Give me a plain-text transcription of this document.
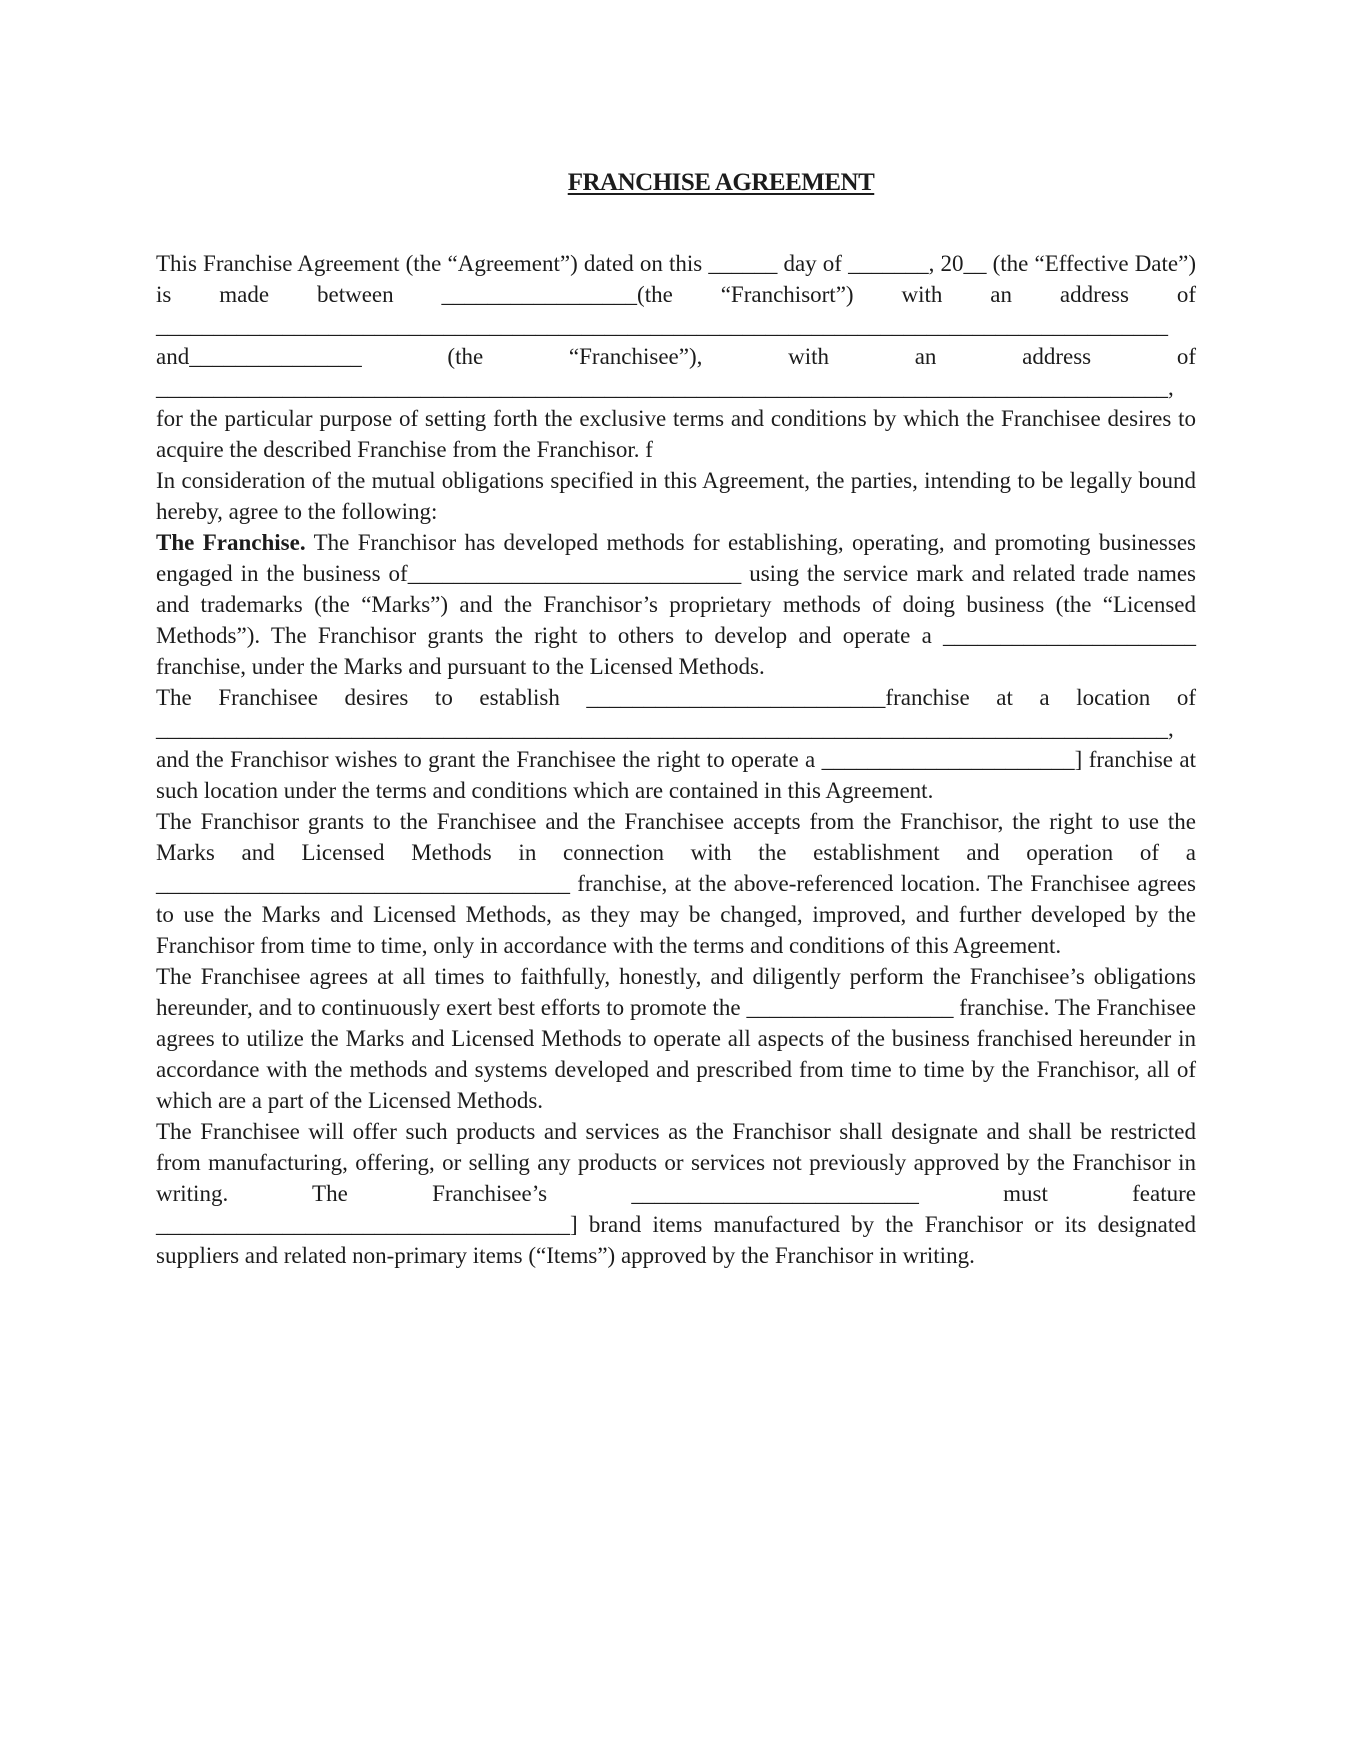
FRANCHISE AGREEMENT

This Franchise Agreement (the “Agreement”) dated on this ______ day of _______, 20__ (the “Effective Date”) is made between _________________(the “Franchisort”) with an address of ________________________________________________________________________________________ and_______________ (the “Franchisee”), with an address of ________________________________________________________________________________________, for the particular purpose of setting forth the exclusive terms and conditions by which the Franchisee desires to acquire the described Franchise from the Franchisor. f

In consideration of the mutual obligations specified in this Agreement, the parties, intending to be legally bound hereby, agree to the following:

The Franchise. The Franchisor has developed methods for establishing, operating, and promoting businesses engaged in the business of_____________________________ using the service mark and related trade names and trademarks (the “Marks”) and the Franchisor’s proprietary methods of doing business (the “Licensed Methods”). The Franchisor grants the right to others to develop and operate a ______________________ franchise, under the Marks and pursuant to the Licensed Methods.

The Franchisee desires to establish __________________________franchise at a location of ________________________________________________________________________________________, and the Franchisor wishes to grant the Franchisee the right to operate a ______________________] franchise at such location under the terms and conditions which are contained in this Agreement.

The Franchisor grants to the Franchisee and the Franchisee accepts from the Franchisor, the right to use the Marks and Licensed Methods in connection with the establishment and operation of a ____________________________________ franchise, at the above-referenced location. The Franchisee agrees to use the Marks and Licensed Methods, as they may be changed, improved, and further developed by the Franchisor from time to time, only in accordance with the terms and conditions of this Agreement.

The Franchisee agrees at all times to faithfully, honestly, and diligently perform the Franchisee’s obligations hereunder, and to continuously exert best efforts to promote the __________________ franchise. The Franchisee agrees to utilize the Marks and Licensed Methods to operate all aspects of the business franchised hereunder in accordance with the methods and systems developed and prescribed from time to time by the Franchisor, all of which are a part of the Licensed Methods.

The Franchisee will offer such products and services as the Franchisor shall designate and shall be restricted from manufacturing, offering, or selling any products or services not previously approved by the Franchisor in writing. The Franchisee’s _________________________ must feature ____________________________________] brand items manufactured by the Franchisor or its designated suppliers and related non-primary items (“Items”) approved by the Franchisor in writing.
